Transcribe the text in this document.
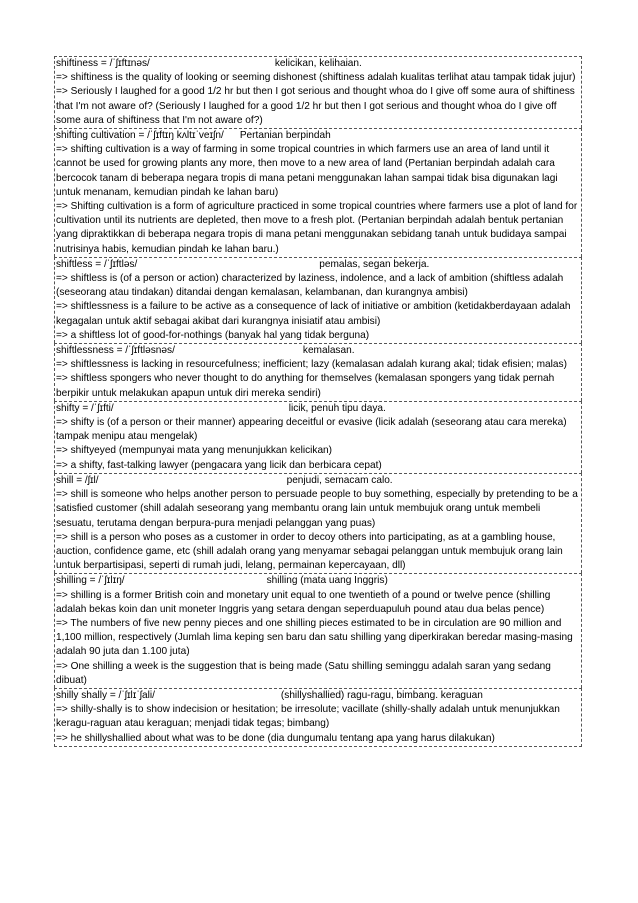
shiftiness = /ˈʃɪftɪnəs/	kelicikan, kelihaian.
=> shiftiness is the quality of looking or seeming dishonest (shiftiness adalah kualitas terlihat atau tampak tidak jujur)
=> Seriously I laughed for a good 1/2 hr but then I got serious and thought whoa do I give off some aura of shiftiness that I'm not aware of? (Seriously I laughed for a good 1/2 hr but then I got serious and thought whoa do I give off some aura of shiftiness that I'm not aware of?)
shifting cultivation = /ˈʃɪftɪŋ kʌltɪˈveɪʃn/ Pertanian berpindah
=> shifting cultivation is a way of farming in some tropical countries in which farmers use an area of land until it cannot be used for growing plants any more, then move to a new area of land (Pertanian berpindah adalah cara bercocok tanam di beberapa negara tropis di mana petani menggunakan lahan sampai tidak bisa digunakan lagi untuk menanam, kemudian pindah ke lahan baru)
=> Shifting cultivation is a form of agriculture practiced in some tropical countries where farmers use a plot of land for cultivation until its nutrients are depleted, then move to a fresh plot. (Pertanian berpindah adalah bentuk pertanian yang dipraktikkan di beberapa negara tropis di mana petani menggunakan sebidang tanah untuk budidaya sampai nutrisinya habis, kemudian pindah ke lahan baru.)
shiftless = /ˈʃɪftləs/	pemalas, segan bekerja.
=> shiftless is (of a person or action) characterized by laziness, indolence, and a lack of ambition (shiftless adalah (seseorang atau tindakan) ditandai dengan kemalasan, kelambanan, dan kurangnya ambisi)
=> shiftlessness is a failure to be active as a consequence of lack of initiative or ambition (ketidakberdayaan adalah kegagalan untuk aktif sebagai akibat dari kurangnya inisiatif atau ambisi)
=> a shiftless lot of good-for-nothings (banyak hal yang tidak berguna)
shiftlessness = /ˈʃɪftləsnəs/	kemalasan.
=> shiftlessness is lacking in resourcefulness; inefficient; lazy (kemalasan adalah kurang akal; tidak efisien; malas)
=> shiftless spongers who never thought to do anything for themselves (kemalasan spongers yang tidak pernah berpikir untuk melakukan apapun untuk diri mereka sendiri)
shifty = /ˈʃɪfti/	licik, penuh tipu daya.
=> shifty is (of a person or their manner) appearing deceitful or evasive (licik adalah (seseorang atau cara mereka) tampak menipu atau mengelak)
=> shiftyeyed (mempunyai mata yang menunjukkan kelicikan)
=> a shifty, fast-talking lawyer (pengacara yang licik dan berbicara cepat)
shill = /ʃɪl/	penjudi, semacam calo.
=> shill is someone who helps another person to persuade people to buy something, especially by pretending to be a satisfied customer (shill adalah seseorang yang membantu orang lain untuk membujuk orang untuk membeli sesuatu, terutama dengan berpura-pura menjadi pelanggan yang puas)
=> shill is a person who poses as a customer in order to decoy others into participating, as at a gambling house, auction, confidence game, etc (shill adalah orang yang menyamar sebagai pelanggan untuk membujuk orang lain untuk berpartisipasi, seperti di rumah judi, lelang, permainan kepercayaan, dll)
shilling = /ˈʃɪlɪŋ/	shilling (mata uang Inggris)
=> shilling is a former British coin and monetary unit equal to one twentieth of a pound or twelve pence (shilling adalah bekas koin dan unit moneter Inggris yang setara dengan seperduapuluh pound atau dua belas pence)
=> The numbers of five new penny pieces and one shilling pieces estimated to be in circulation are 90 million and 1,100 million, respectively (Jumlah lima keping sen baru dan satu shilling yang diperkirakan beredar masing-masing adalah 90 juta dan 1.100 juta)
=> One shilling a week is the suggestion that is being made (Satu shilling seminggu adalah saran yang sedang dibuat)
shilly shally = /ˈʃɪlɪˈʃali/	(shillyshallied) ragu-ragu, bimbang. keraguan
=> shilly-shally is to show indecision or hesitation; be irresolute; vacillate (shilly-shally adalah untuk menunjukkan keragu-raguan atau keraguan; menjadi tidak tegas; bimbang)
=> he shillyshallied about what was to be done (dia dungumalu tentang apa yang harus dilakukan)
